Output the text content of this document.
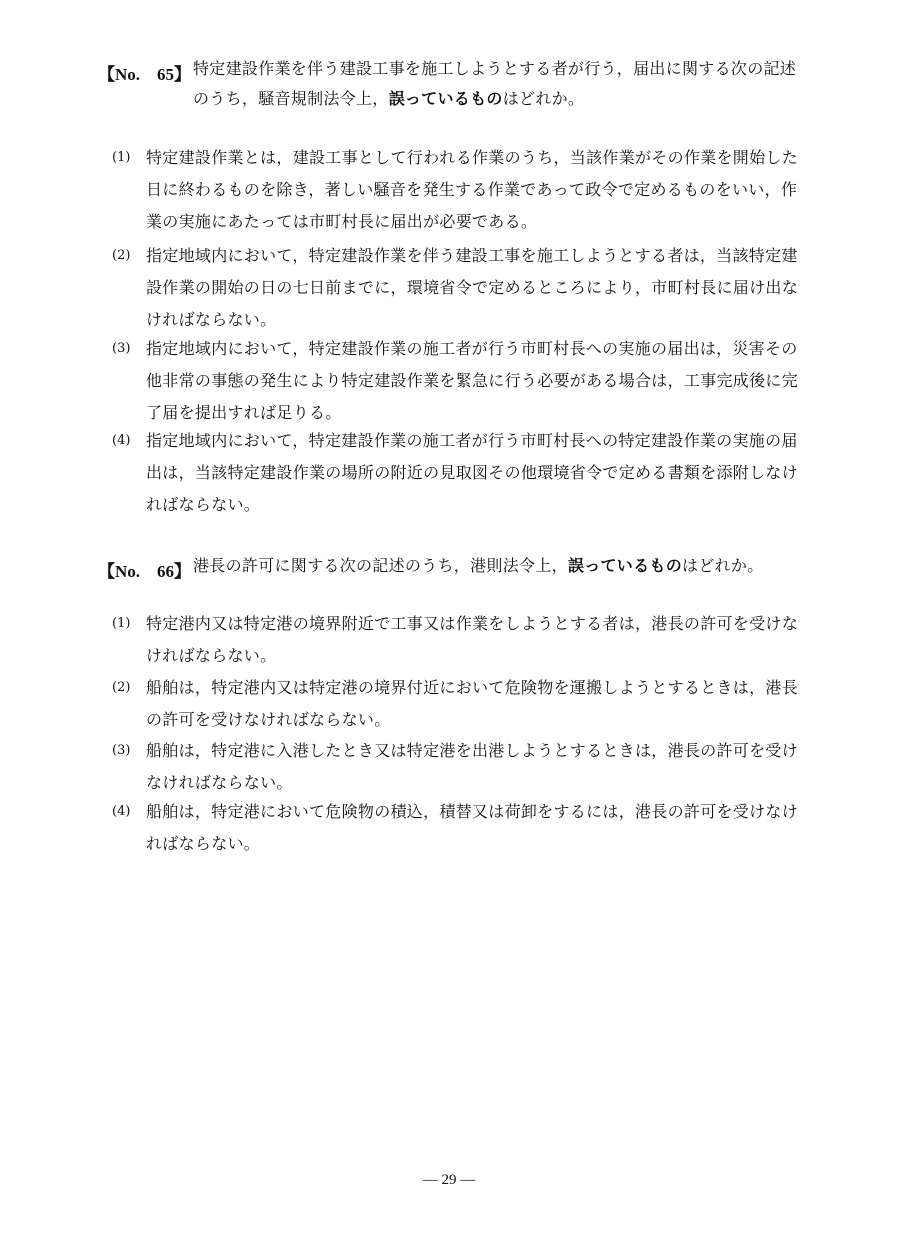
【No.　65】 特定建設作業を伴う建設工事を施工しようとする者が行う，届出に関する次の記述のうち，騒音規制法令上，誤っているものはどれか。
(1) 特定建設作業とは，建設工事として行われる作業のうち，当該作業がその作業を開始した日に終わるものを除き，著しい騒音を発生する作業であって政令で定めるものをいい，作業の実施にあたっては市町村長に届出が必要である。
(2) 指定地域内において，特定建設作業を伴う建設工事を施工しようとする者は，当該特定建設作業の開始の日の七日前までに，環境省令で定めるところにより，市町村長に届け出なければならない。
(3) 指定地域内において，特定建設作業の施工者が行う市町村長への実施の届出は，災害その他非常の事態の発生により特定建設作業を緊急に行う必要がある場合は，工事完成後に完了届を提出すれば足りる。
(4) 指定地域内において，特定建設作業の施工者が行う市町村長への特定建設作業の実施の届出は，当該特定建設作業の場所の附近の見取図その他環境省令で定める書類を添附しなければならない。
【No.　66】 港長の許可に関する次の記述のうち，港則法令上，誤っているものはどれか。
(1) 特定港内又は特定港の境界附近で工事又は作業をしようとする者は，港長の許可を受けなければならない。
(2) 船舶は，特定港内又は特定港の境界付近において危険物を運搬しようとするときは，港長の許可を受けなければならない。
(3) 船舶は，特定港に入港したとき又は特定港を出港しようとするときは，港長の許可を受けなければならない。
(4) 船舶は，特定港において危険物の積込，積替又は荷卸をするには，港長の許可を受けなければならない。
— 29 —
